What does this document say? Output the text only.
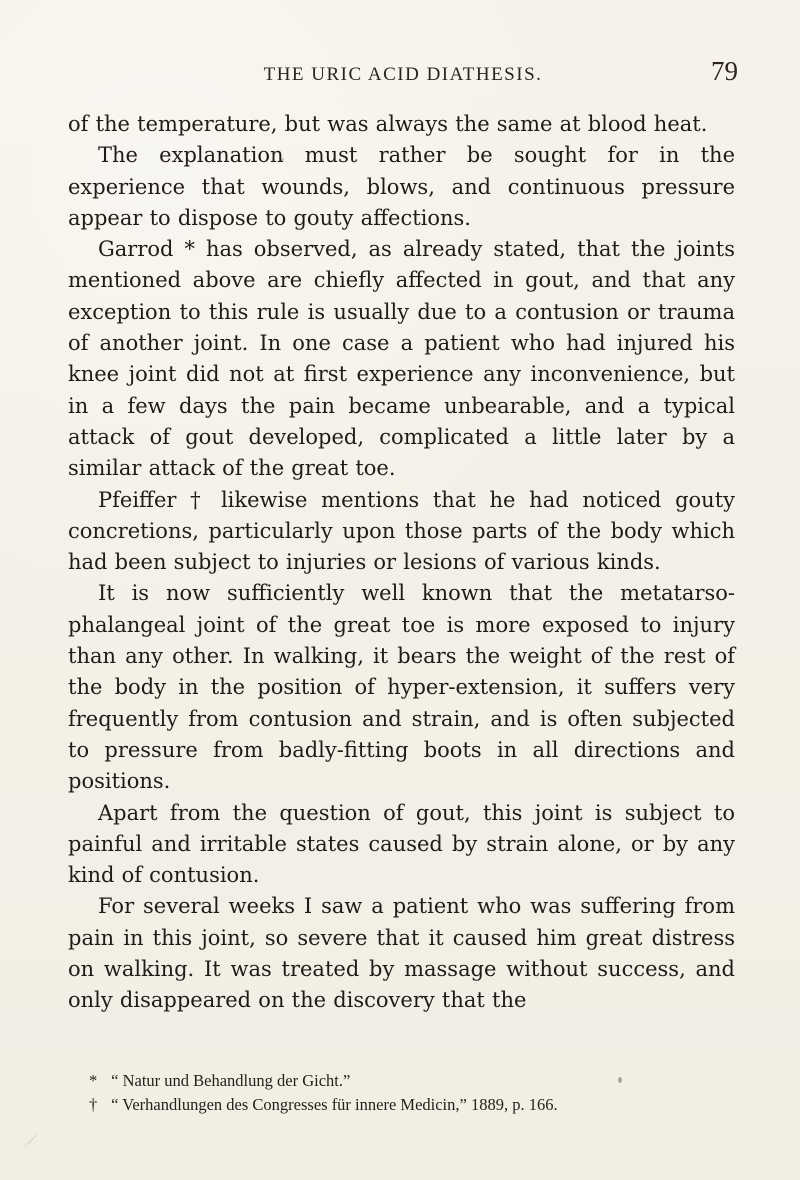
THE URIC ACID DIATHESIS.	79

of the temperature, but was always the same at blood heat.

The explanation must rather be sought for in the experience that wounds, blows, and continuous pressure appear to dispose to gouty affections.

Garrod * has observed, as already stated, that the joints mentioned above are chiefly affected in gout, and that any exception to this rule is usually due to a contusion or trauma of another joint. In one case a patient who had injured his knee joint did not at first experience any inconvenience, but in a few days the pain became unbearable, and a typical attack of gout developed, complicated a little later by a similar attack of the great toe.

Pfeiffer † likewise mentions that he had noticed gouty concretions, particularly upon those parts of the body which had been subject to injuries or lesions of various kinds.

It is now sufficiently well known that the metatarso-phalangeal joint of the great toe is more exposed to injury than any other. In walking, it bears the weight of the rest of the body in the position of hyper-extension, it suffers very frequently from contusion and strain, and is often subjected to pressure from badly-fitting boots in all directions and positions.

Apart from the question of gout, this joint is subject to painful and irritable states caused by strain alone, or by any kind of contusion.

For several weeks I saw a patient who was suffering from pain in this joint, so severe that it caused him great distress on walking. It was treated by massage without success, and only disappeared on the discovery that the

* “ Natur und Behandlung der Gicht.”

† “ Verhandlungen des Congresses für innere Medicin,” 1889, p. 166.
